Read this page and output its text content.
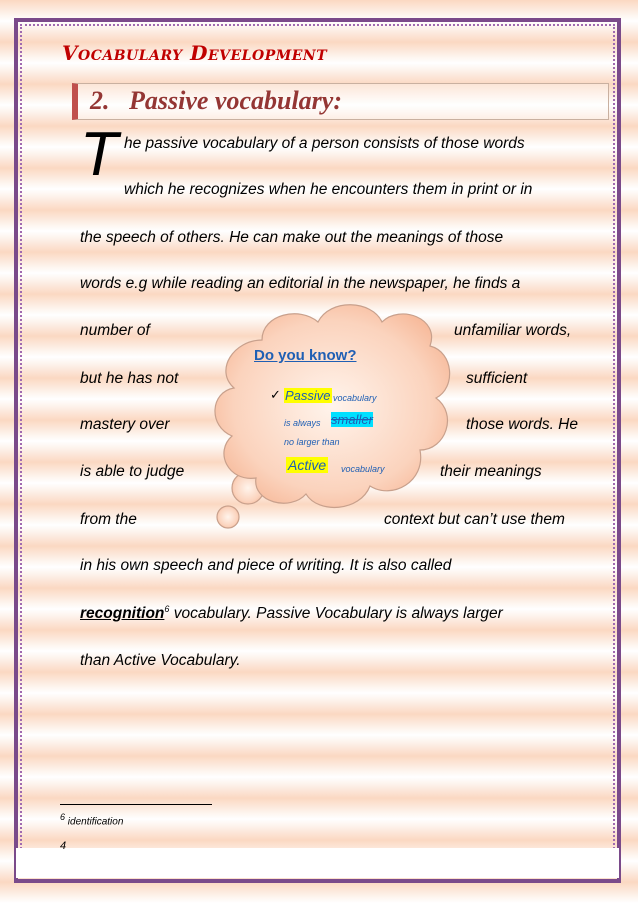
Vocabulary Development
2. Passive vocabulary:
T he passive vocabulary of a person consists of those words
which he recognizes when he encounters them in print or in
the speech of others. He can make out the meanings of those
words e.g while reading an editorial in the newspaper, he finds a
Do you know?
✓ Passive vocabulary
is always smaller
no larger than
Active vocabulary
number of	unfamiliar words,
but he has not	sufficient
mastery over	those words. He
is able to judge	their meanings
from the	context but can’t use them
in his own speech and piece of writing. It is also called
recognition$^6$ vocabulary. Passive Vocabulary is always larger
than Active Vocabulary.
$^6$ identification
4
